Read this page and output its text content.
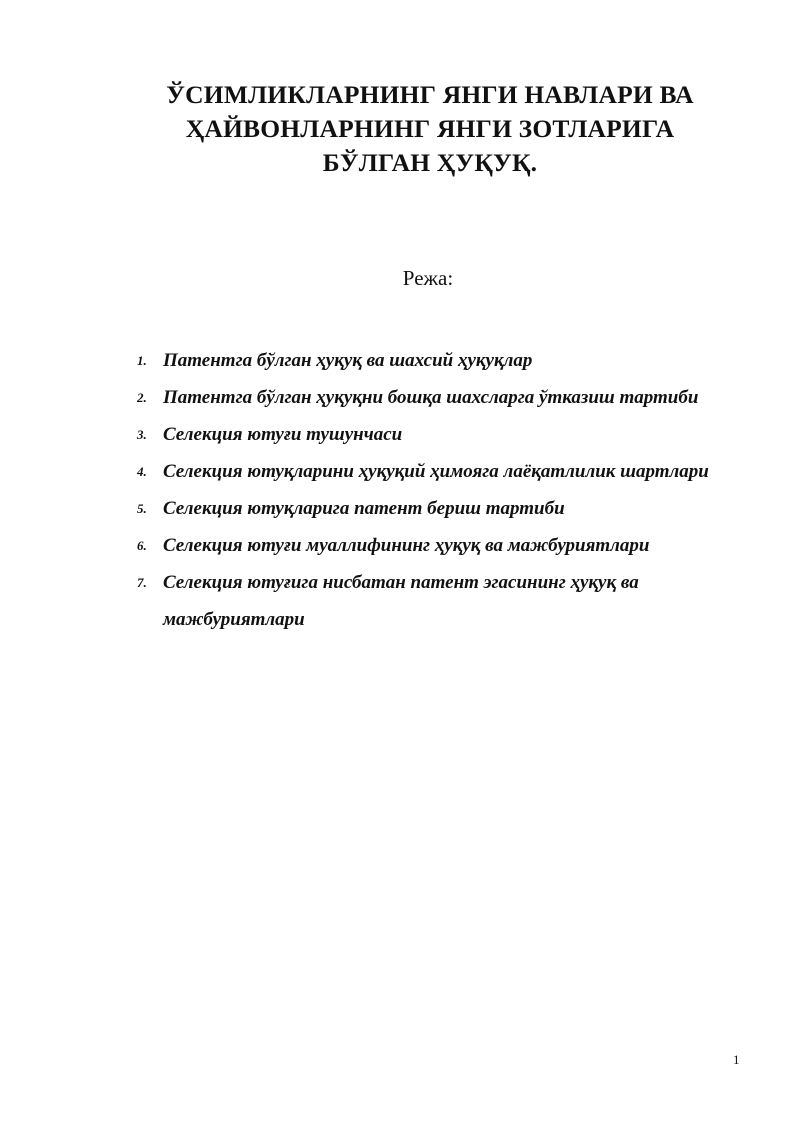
ЎСИМЛИКЛАРНИНГ ЯНГИ НАВЛАРИ ВА
ҲАЙВОНЛАРНИНГ ЯНГИ ЗОТЛАРИГА
БЎЛГАН ҲУҚУҚ.

Режа:

1. Патентга бўлган ҳуқуқ ва шахсий ҳуқуқлар
2. Патентга бўлган ҳуқуқни бошқа шахсларга ўтказиш тартиби
3. Селекция ютуғи тушунчаси
4. Селекция ютуқларини ҳуқуқий ҳимояга лаёқатлилик шартлари
5. Селекция ютуқларига патент бериш тартиби
6. Селекция ютуғи муаллифининг ҳуқуқ ва мажбуриятлари
7. Селекция ютуғига нисбатан патент эгасининг ҳуқуқ ва мажбуриятлари
1
